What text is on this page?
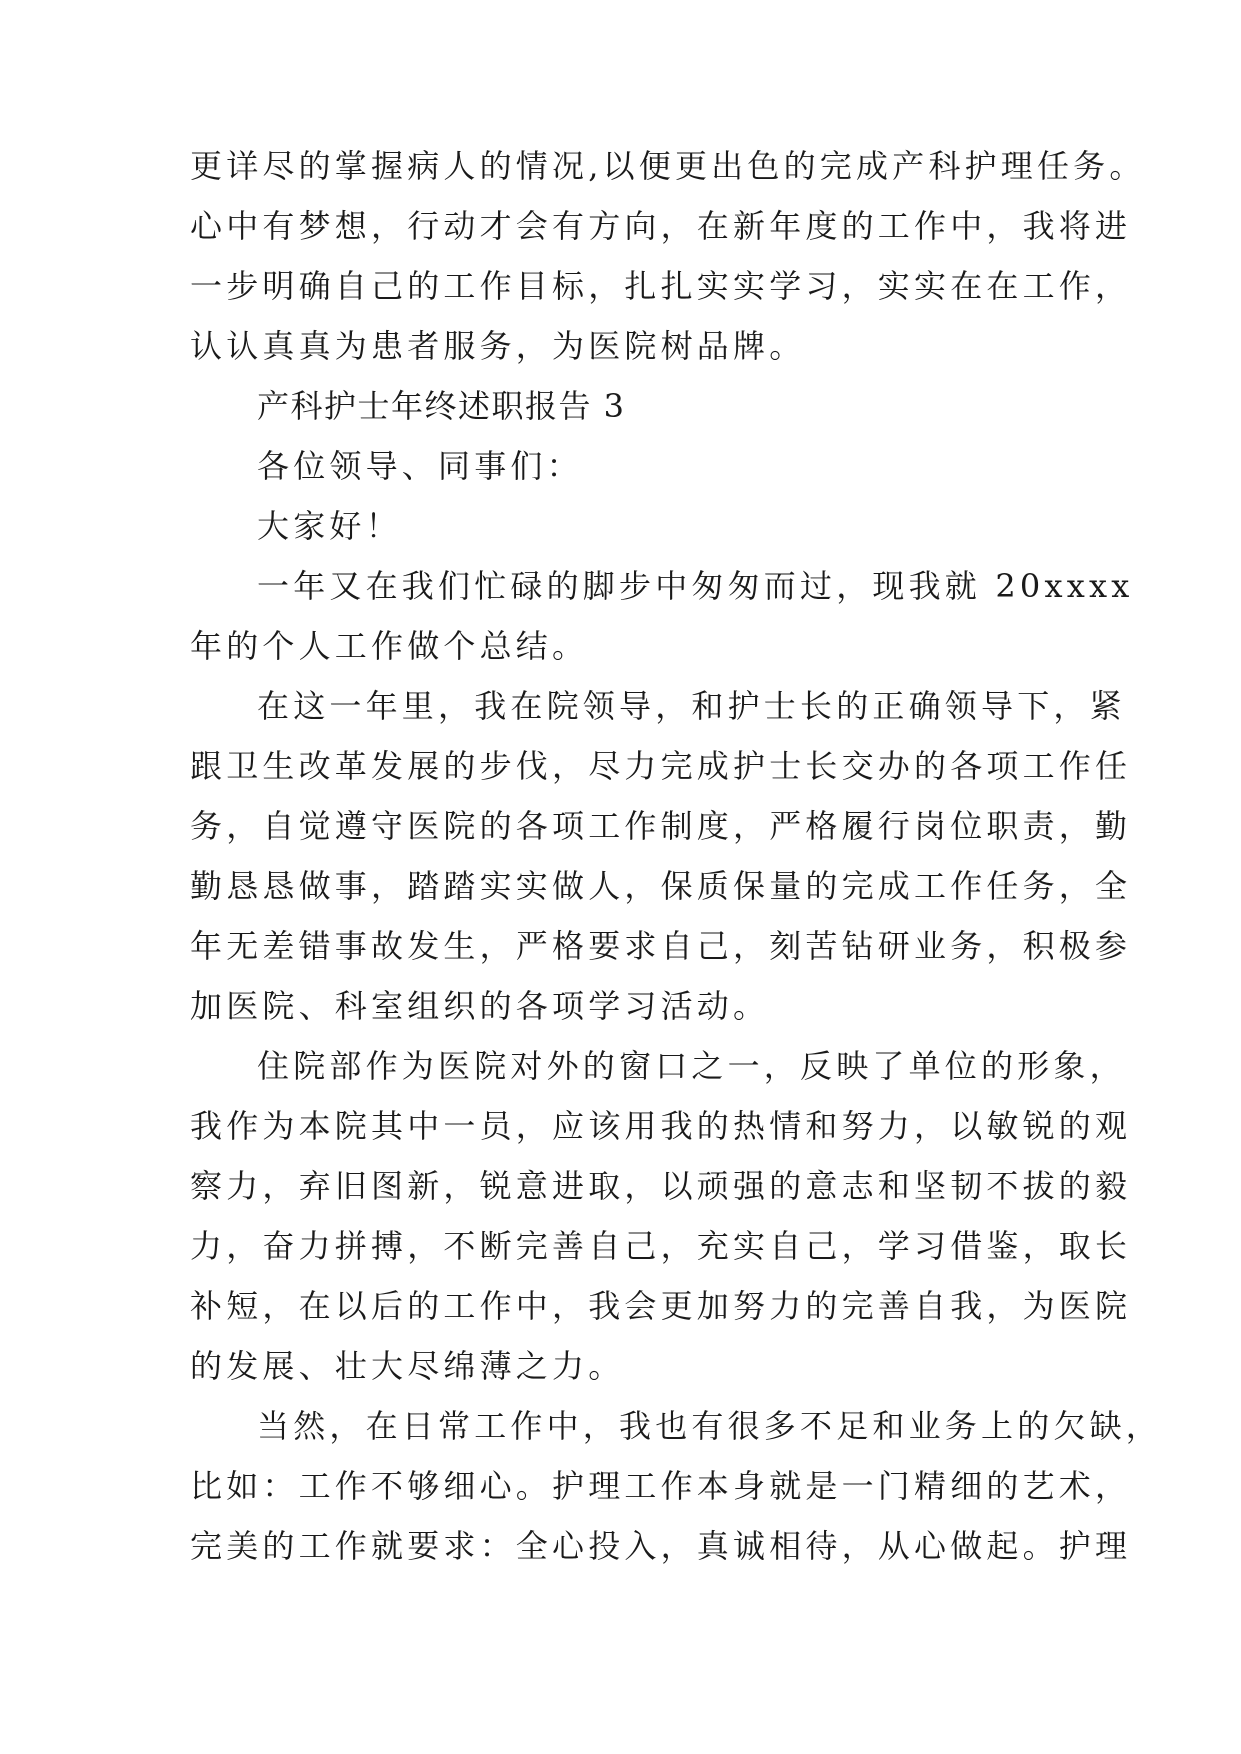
更详尽的掌握病人的情况,以便更出色的完成产科护理任务。
心中有梦想，行动才会有方向，在新年度的工作中，我将进
一步明确自己的工作目标，扎扎实实学习，实实在在工作，
认认真真为患者服务，为医院树品牌。
产科护士年终述职报告 3
各位领导、同事们：
大家好！
一年又在我们忙碌的脚步中匆匆而过，现我就 20xxxx
年的个人工作做个总结。
在这一年里，我在院领导，和护士长的正确领导下，紧
跟卫生改革发展的步伐，尽力完成护士长交办的各项工作任
务，自觉遵守医院的各项工作制度，严格履行岗位职责，勤
勤恳恳做事，踏踏实实做人，保质保量的完成工作任务，全
年无差错事故发生，严格要求自己，刻苦钻研业务，积极参
加医院、科室组织的各项学习活动。
住院部作为医院对外的窗口之一，反映了单位的形象，
我作为本院其中一员，应该用我的热情和努力，以敏锐的观
察力，弃旧图新，锐意进取，以顽强的意志和坚韧不拔的毅
力，奋力拼搏，不断完善自己，充实自己，学习借鉴，取长
补短，在以后的工作中，我会更加努力的完善自我，为医院
的发展、壮大尽绵薄之力。
当然，在日常工作中，我也有很多不足和业务上的欠缺，
比如：工作不够细心。护理工作本身就是一门精细的艺术，
完美的工作就要求：全心投入，真诚相待，从心做起。护理
